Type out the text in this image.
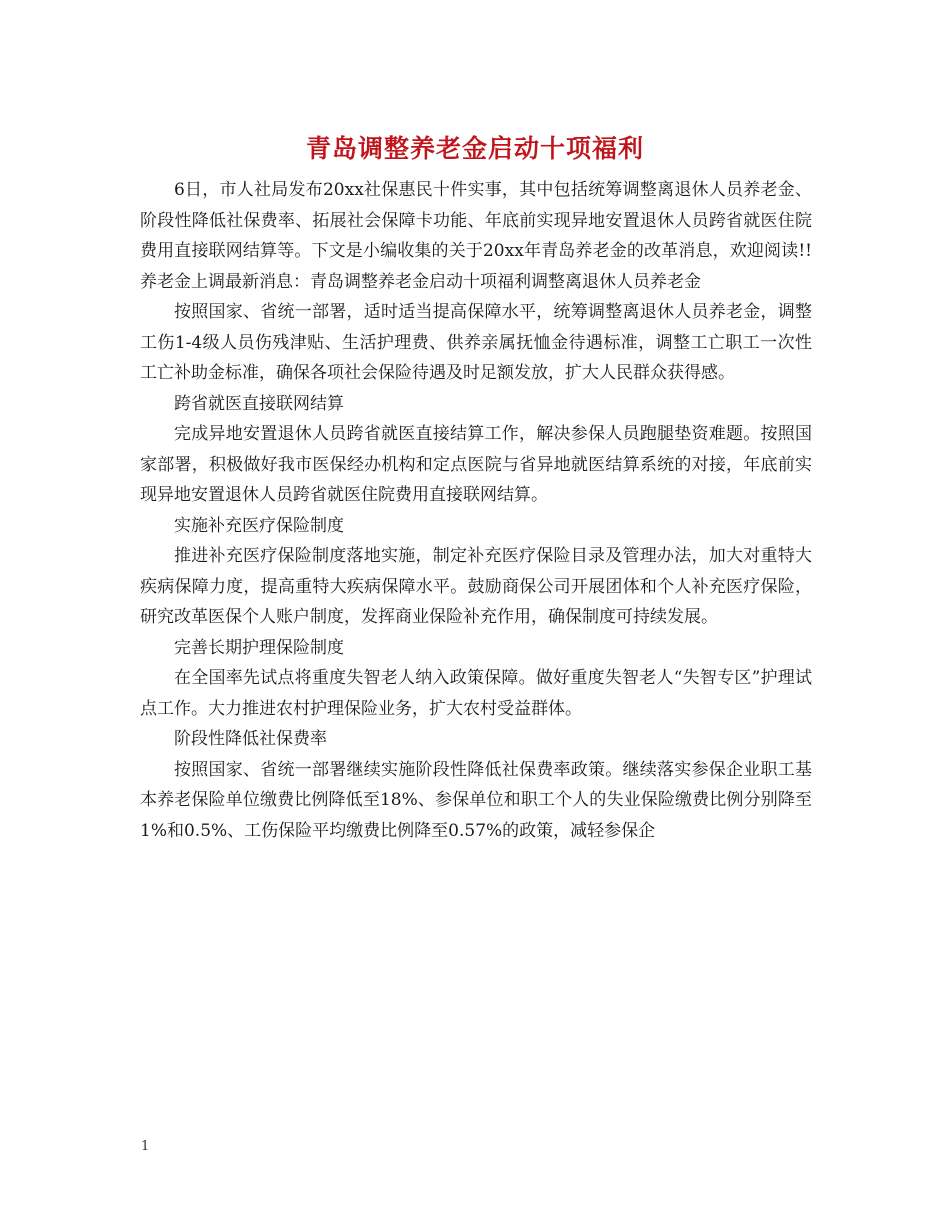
青岛调整养老金启动十项福利

6日，市人社局发布20xx社保惠民十件实事，其中包括统筹调整离退休人员养老金、阶段性降低社保费率、拓展社会保障卡功能、年底前实现异地安置退休人员跨省就医住院费用直接联网结算等。下文是小编收集的关于20xx年青岛养老金的改革消息，欢迎阅读!! 养老金上调最新消息：青岛调整养老金启动十项福利调整离退休人员养老金

按照国家、省统一部署，适时适当提高保障水平，统筹调整离退休人员养老金，调整工伤1-4级人员伤残津贴、生活护理费、供养亲属抚恤金待遇标准，调整工亡职工一次性工亡补助金标准，确保各项社会保险待遇及时足额发放，扩大人民群众获得感。

跨省就医直接联网结算

完成异地安置退休人员跨省就医直接结算工作，解决参保人员跑腿垫资难题。按照国家部署，积极做好我市医保经办机构和定点医院与省异地就医结算系统的对接，年底前实现异地安置退休人员跨省就医住院费用直接联网结算。

实施补充医疗保险制度

推进补充医疗保险制度落地实施，制定补充医疗保险目录及管理办法，加大对重特大疾病保障力度，提高重特大疾病保障水平。鼓励商保公司开展团体和个人补充医疗保险，研究改革医保个人账户制度，发挥商业保险补充作用，确保制度可持续发展。

完善长期护理保险制度

在全国率先试点将重度失智老人纳入政策保障。做好重度失智老人“失智专区”护理试点工作。大力推进农村护理保险业务，扩大农村受益群体。

阶段性降低社保费率

按照国家、省统一部署继续实施阶段性降低社保费率政策。继续落实参保企业职工基本养老保险单位缴费比例降低至18%、参保单位和职工个人的失业保险缴费比例分别降至1%和0.5%、工伤保险平均缴费比例降至0.57%的政策，减轻参保企

1
